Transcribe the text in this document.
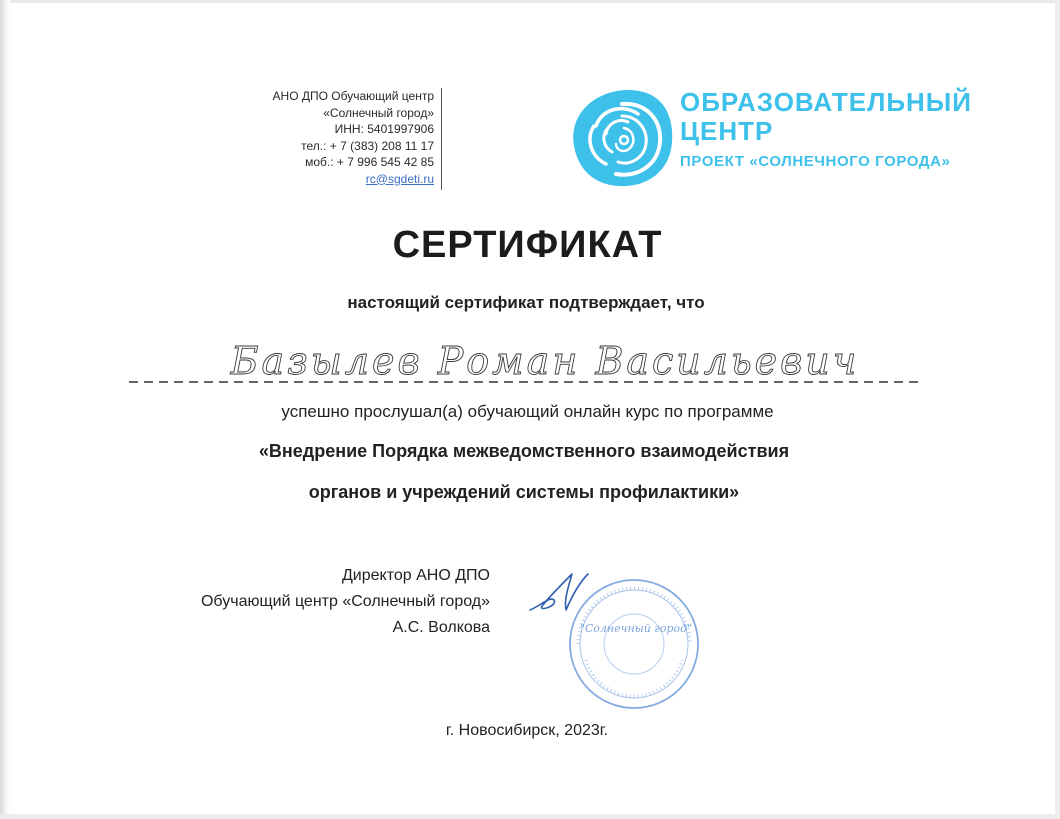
АНО ДПО Обучающий центр
«Солнечный город»
ИНН: 5401997906
тел.: + 7 (383) 208 11 17
моб.: + 7 996 545 42 85
rc@sgdeti.ru
ОБРАЗОВАТЕЛЬНЫЙ
ЦЕНТР
ПРОЕКТ «СОЛНЕЧНОГО ГОРОДА»
СЕРТИФИКАТ
настоящий сертификат подтверждает, что
Базылев Роман Васильевич
успешно прослушал(а) обучающий онлайн курс по программе
«Внедрение Порядка межведомственного взаимодействия
органов и учреждений системы профилактики»
Директор АНО ДПО
Обучающий центр «Солнечный город»
А.С. Волкова	"Солнечный город"
г. Новосибирск, 2023г.
